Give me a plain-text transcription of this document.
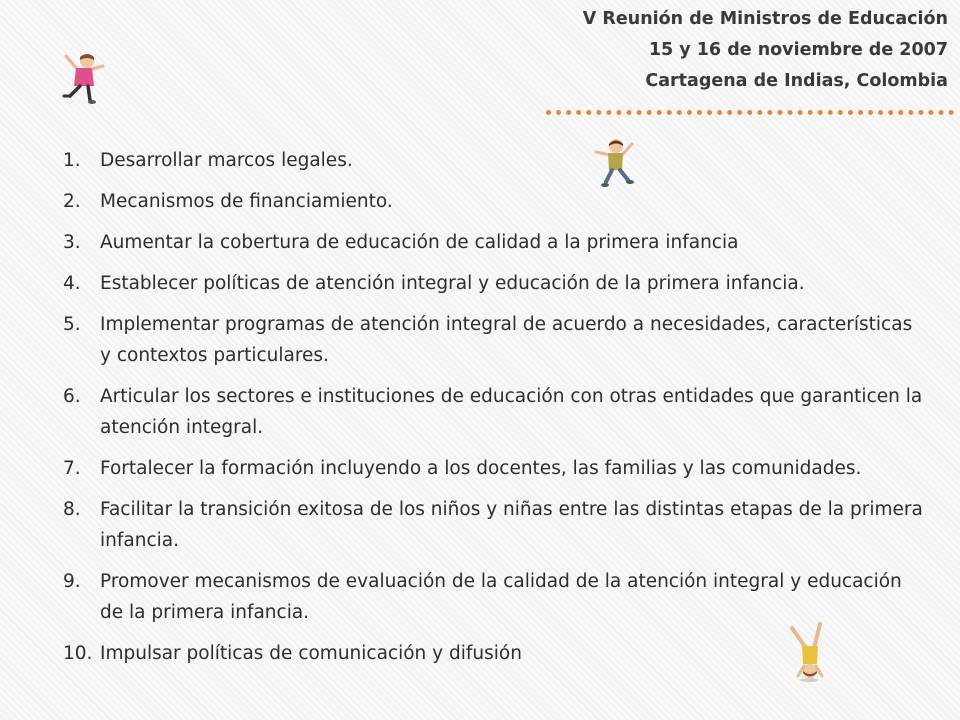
V Reunión de Ministros de Educación
15 y 16 de noviembre de 2007
Cartagena de Indias, Colombia
1.	Desarrollar marcos legales.
2.	Mecanismos de financiamiento.
3.	Aumentar la cobertura de educación de calidad a la primera infancia
4.	Establecer políticas de atención integral y educación de la primera infancia.
5.	Implementar programas de atención integral de acuerdo a necesidades, características y contextos particulares.
6.	Articular los sectores e instituciones de educación con otras entidades que garanticen la atención integral.
7.	Fortalecer la formación incluyendo a los docentes, las familias y las comunidades.
8.	Facilitar la transición exitosa de los niños y niñas entre las distintas etapas de la primera infancia.
9.	Promover mecanismos de evaluación de la calidad de la atención integral y educación de la primera infancia.
10. Impulsar políticas de comunicación y difusión
